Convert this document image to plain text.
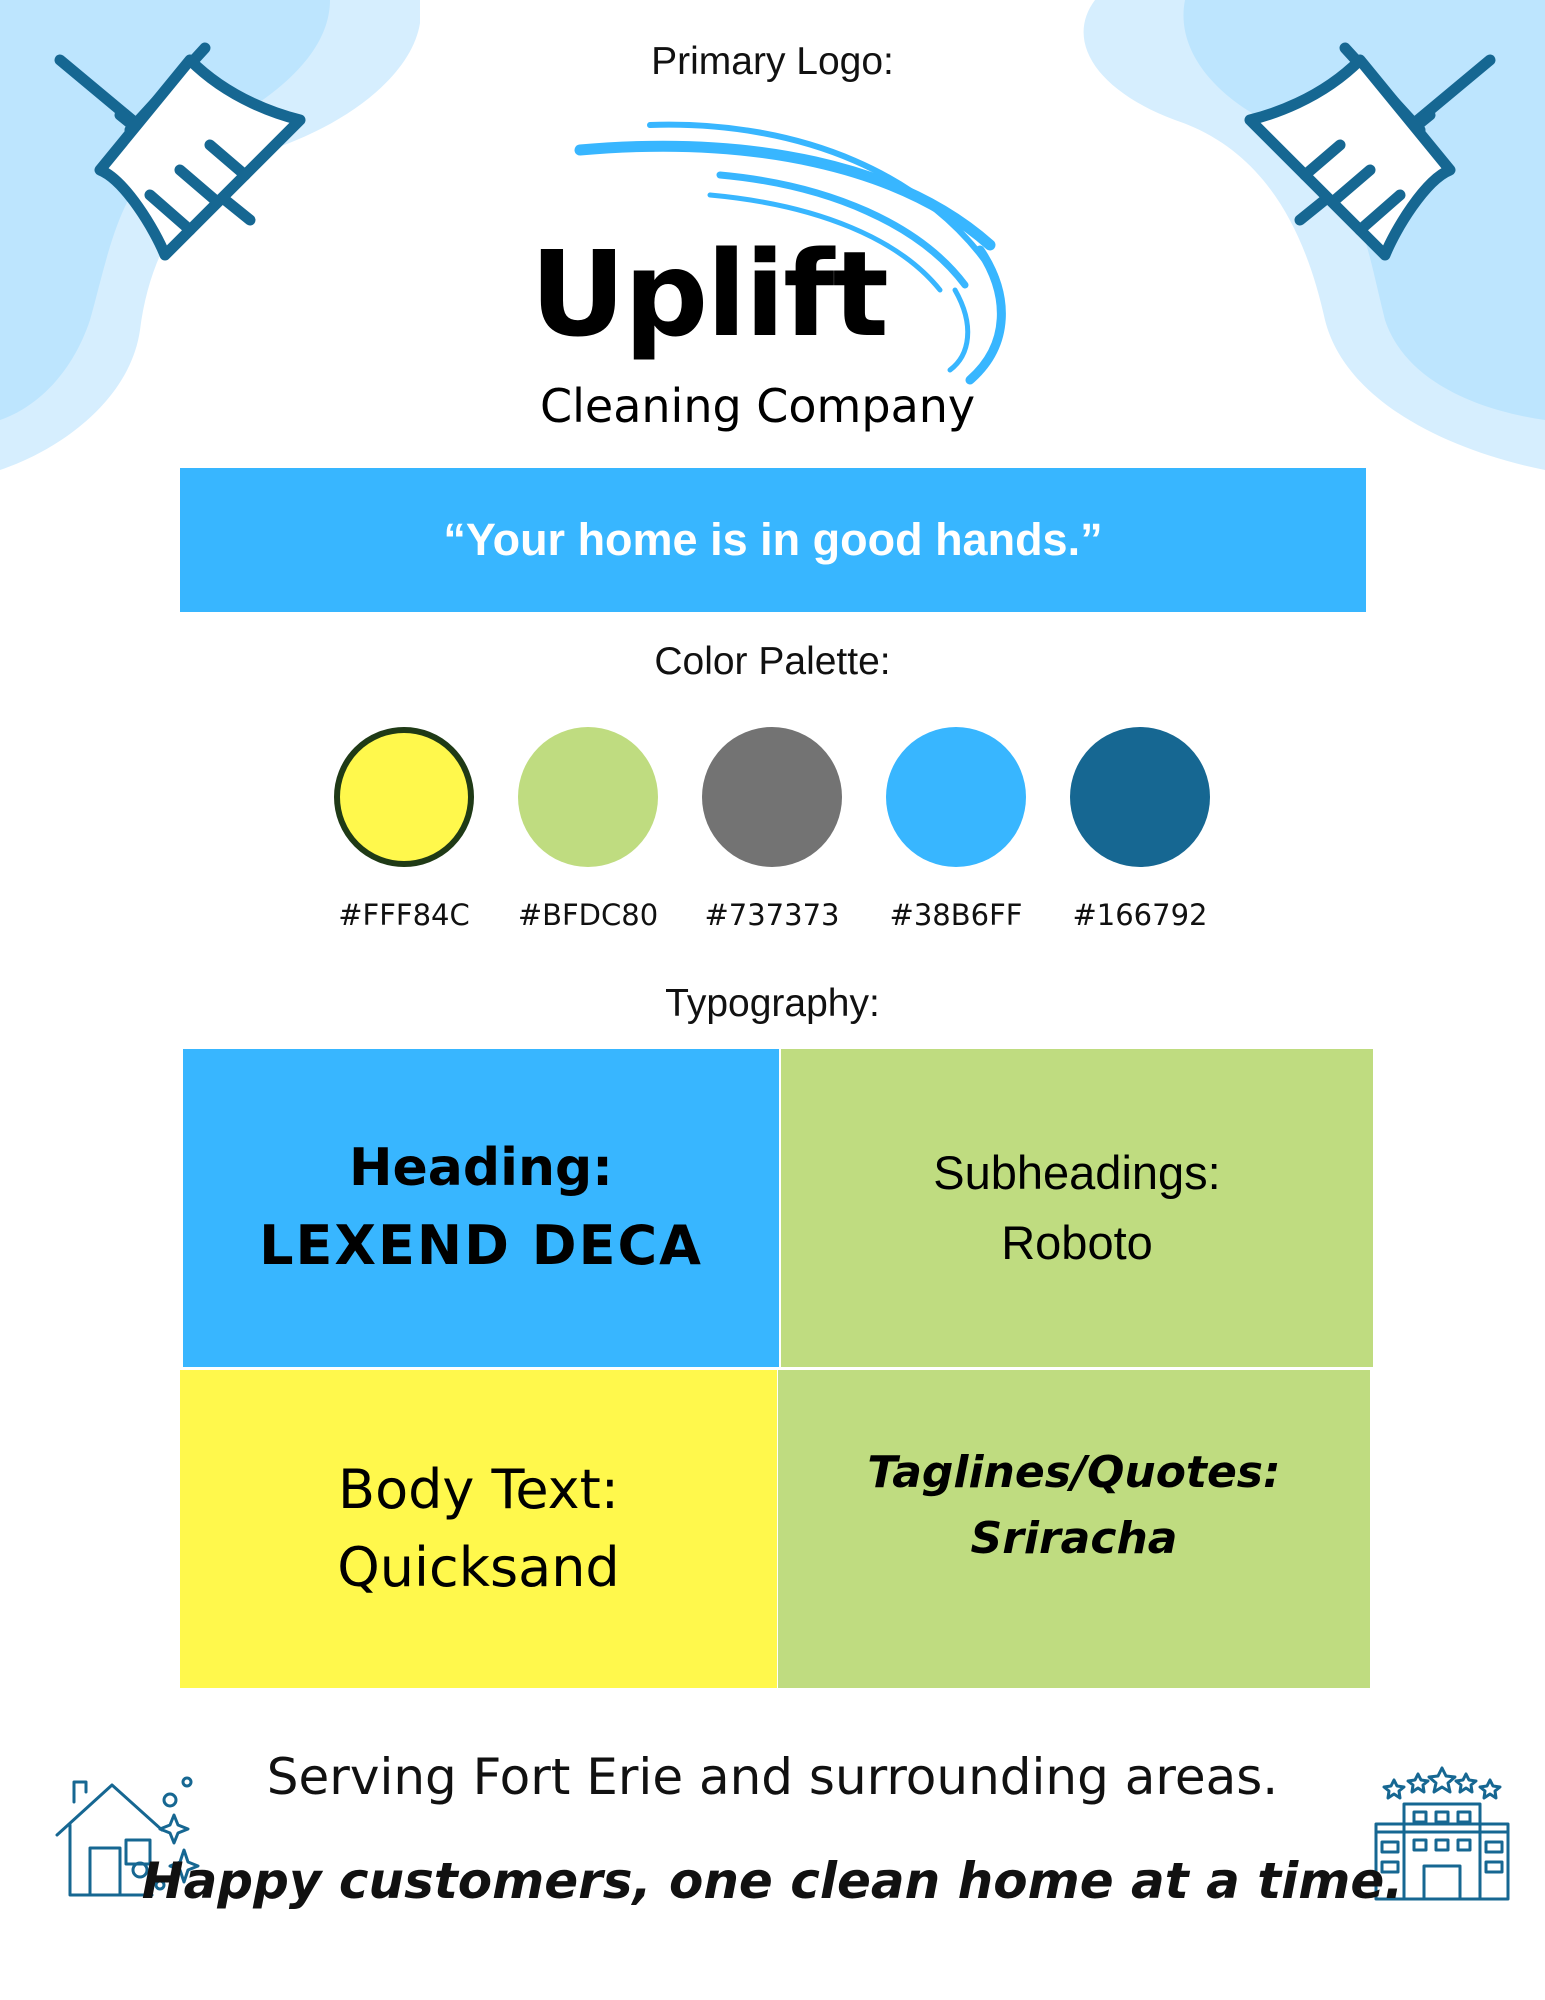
Primary Logo:
Uplift
Cleaning Company
“Your home is in good hands.”
Color Palette:
#FFF84C	#BFDC80	#737373	#38B6FF	#166792
Typography:
Heading:
LEXEND DECA
Subheadings:
Roboto
Body Text:
Quicksand
Taglines/Quotes:
Sriracha
Serving Fort Erie and surrounding areas.
Happy customers, one clean home at a time.
